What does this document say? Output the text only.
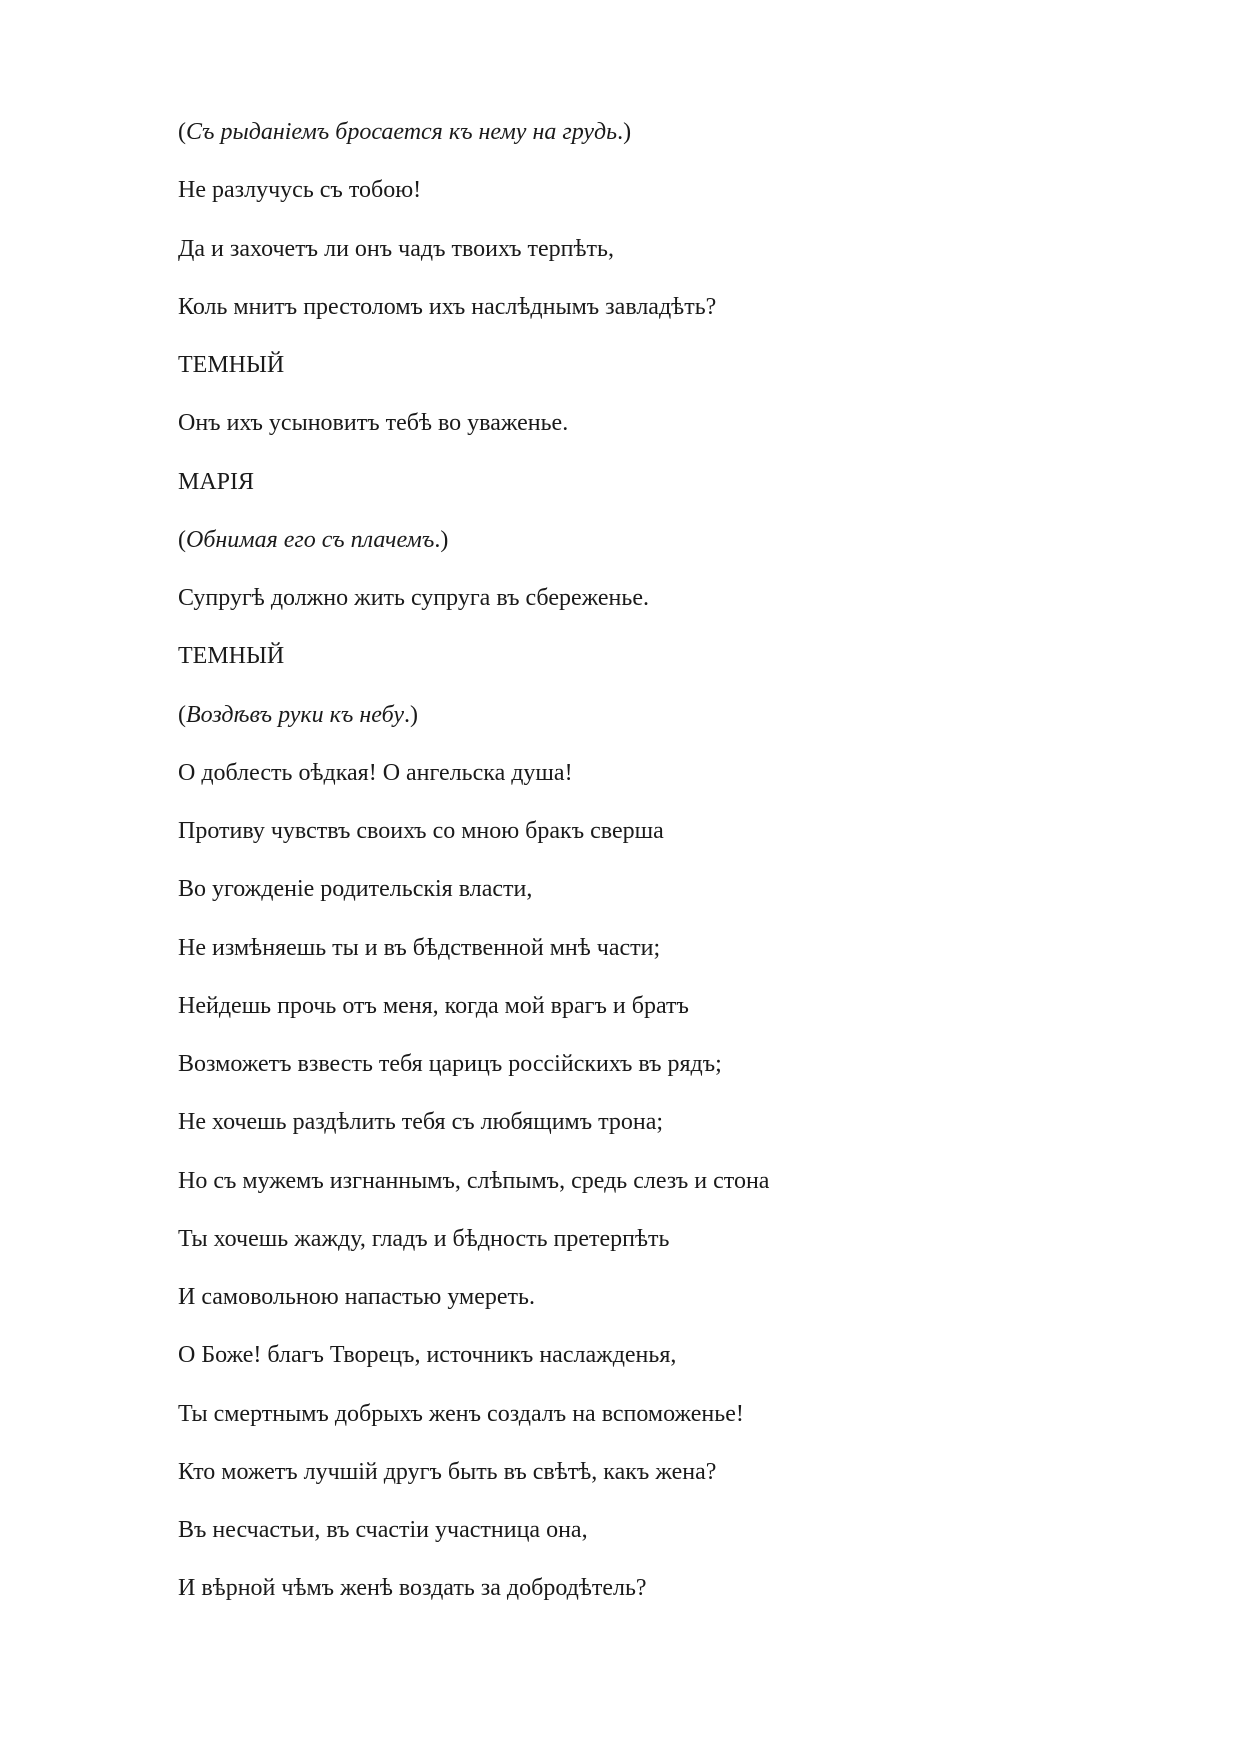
(Съ рыданіемъ бросается къ нему на грудь.)
Не разлучусь съ тобою!
Да и захочетъ ли онъ чадъ твоихъ терпѣть,
Коль мнитъ престоломъ ихъ наслѣднымъ завладѣть?
ТЕМНЫЙ
Онъ ихъ усыновитъ тебѣ во уваженье.
МАРІЯ
(Обнимая его съ плачемъ.)
Супругѣ должно жить супруга въ сбереженье.
ТЕМНЫЙ
(Воздѣвъ руки къ небу.)
О доблесть оѣдкая! О ангельска душа!
Противу чувствъ своихъ со мною бракъ сверша
Во угожденіе родительскія власти,
Не измѣняешь ты и въ бѣдственной мнѣ части;
Нейдешь прочь отъ меня, когда мой врагъ и братъ
Возможетъ взвесть тебя царицъ россійскихъ въ рядъ;
Не хочешь раздѣлить тебя съ любящимъ трона;
Но съ мужемъ изгнаннымъ, слѣпымъ, средь слезъ и стона
Ты хочешь жажду, гладъ и бѣдность претерпѣть
И самовольною напастью умереть.
О Боже! благъ Творецъ, источникъ наслажденья,
Ты смертнымъ добрыхъ женъ создалъ на вспоможенье!
Кто можетъ лучшій другъ быть въ свѣтѣ, какъ жена?
Въ несчастьи, въ счастіи участница она,
И вѣрной чѣмъ женѣ воздать за добродѣтель?
